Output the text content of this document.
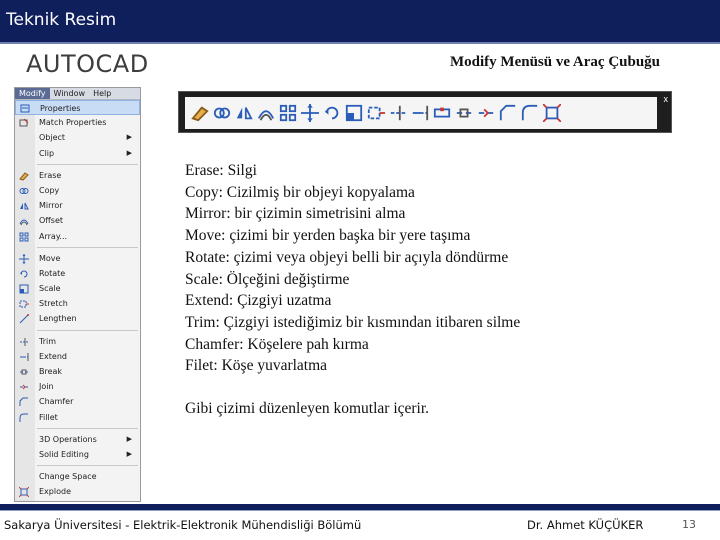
Teknik Resim
AUTOCAD	Modify Menüsü ve Araç Çubuğu
Modify	Window	Help
Properties
Match Properties
Object	▶
Clip	▶
Erase
Copy
Mirror
Offset
Array...
Move
Rotate
Scale
Stretch
Lengthen
Trim
Extend
Break
Join
Chamfer
Fillet
3D Operations	▶
Solid Editing	▶
Change Space
Explode
x
Erase: Silgi
Copy: Cizilmiş bir objeyi kopyalama
Mirror: bir çizimin simetrisini alma
Move: çizimi bir yerden başka bir yere taşıma
Rotate: çizimi veya objeyi belli bir açıyla döndürme
Scale: Ölçeğini değiştirme
Extend: Çizgiyi uzatma
Trim: Çizgiyi istediğimiz bir kısmından itibaren silme
Chamfer: Köşelere pah kırma
Filet: Köşe yuvarlatma
Gibi çizimi düzenleyen komutlar içerir.
Sakarya Üniversitesi - Elektrik-Elektronik Mühendisliği Bölümü	Dr. Ahmet KÜÇÜKER	13
